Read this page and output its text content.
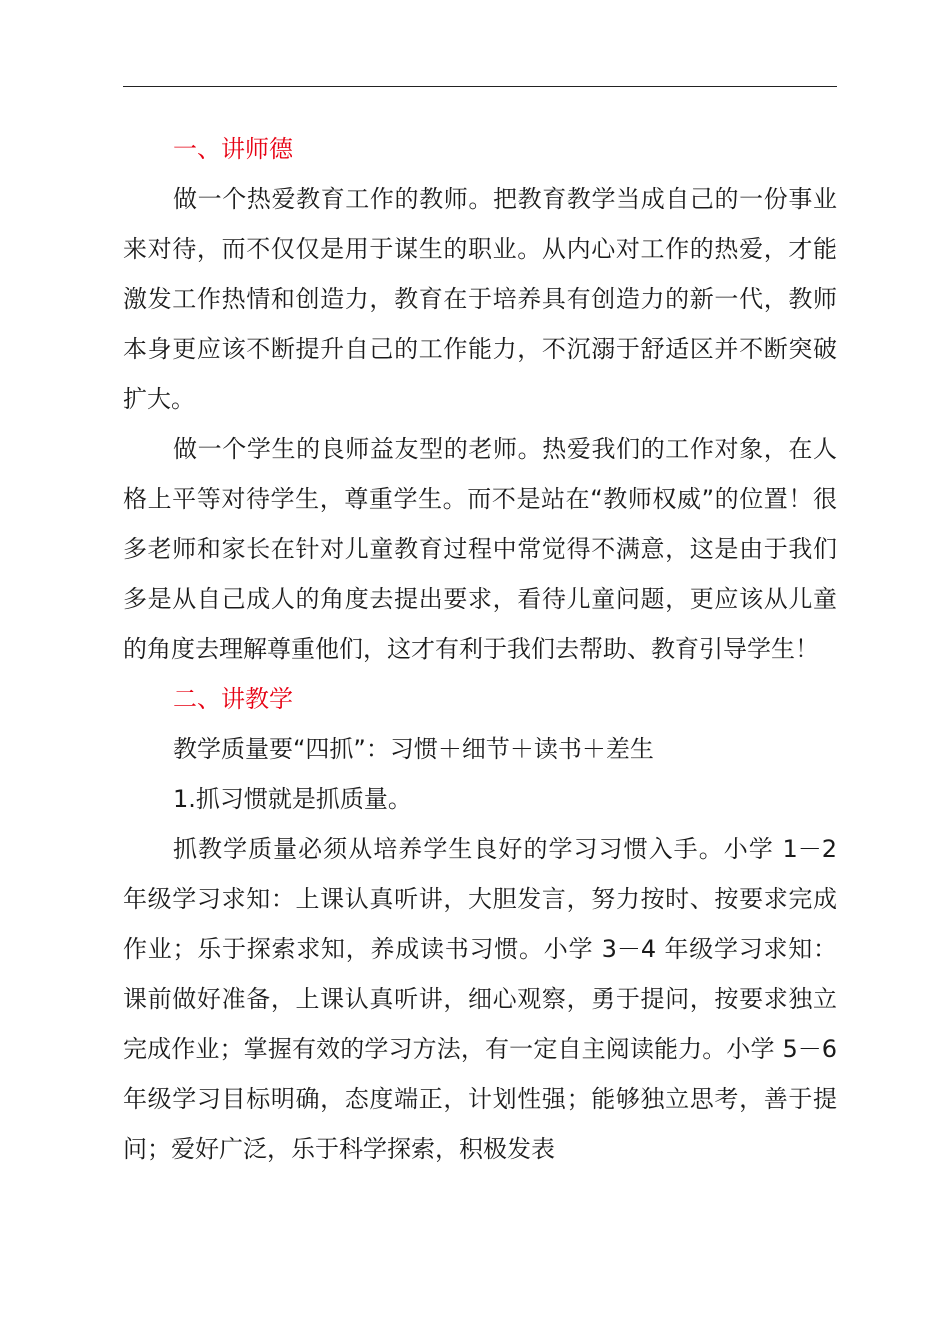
一、讲师德

做一个热爱教育工作的教师。把教育教学当成自己的一份事业来对待，而不仅仅是用于谋生的职业。从内心对工作的热爱，才能激发工作热情和创造力，教育在于培养具有创造力的新一代，教师本身更应该不断提升自己的工作能力，不沉溺于舒适区并不断突破扩大。

做一个学生的良师益友型的老师。热爱我们的工作对象，在人格上平等对待学生，尊重学生。而不是站在“教师权威”的位置！很多老师和家长在针对儿童教育过程中常觉得不满意，这是由于我们多是从自己成人的角度去提出要求，看待儿童问题，更应该从儿童的角度去理解尊重他们，这才有利于我们去帮助、教育引导学生！

二、讲教学

教学质量要“四抓”：习惯＋细节＋读书＋差生

1.抓习惯就是抓质量。

抓教学质量必须从培养学生良好的学习习惯入手。小学 1－2 年级学习求知：上课认真听讲，大胆发言，努力按时、按要求完成作业；乐于探索求知，养成读书习惯。小学 3－4 年级学习求知：课前做好准备，上课认真听讲，细心观察，勇于提问，按要求独立完成作业；掌握有效的学习方法，有一定自主阅读能力。小学 5－6 年级学习目标明确，态度端正，计划性强；能够独立思考，善于提问；爱好广泛，乐于科学探索，积极发表
